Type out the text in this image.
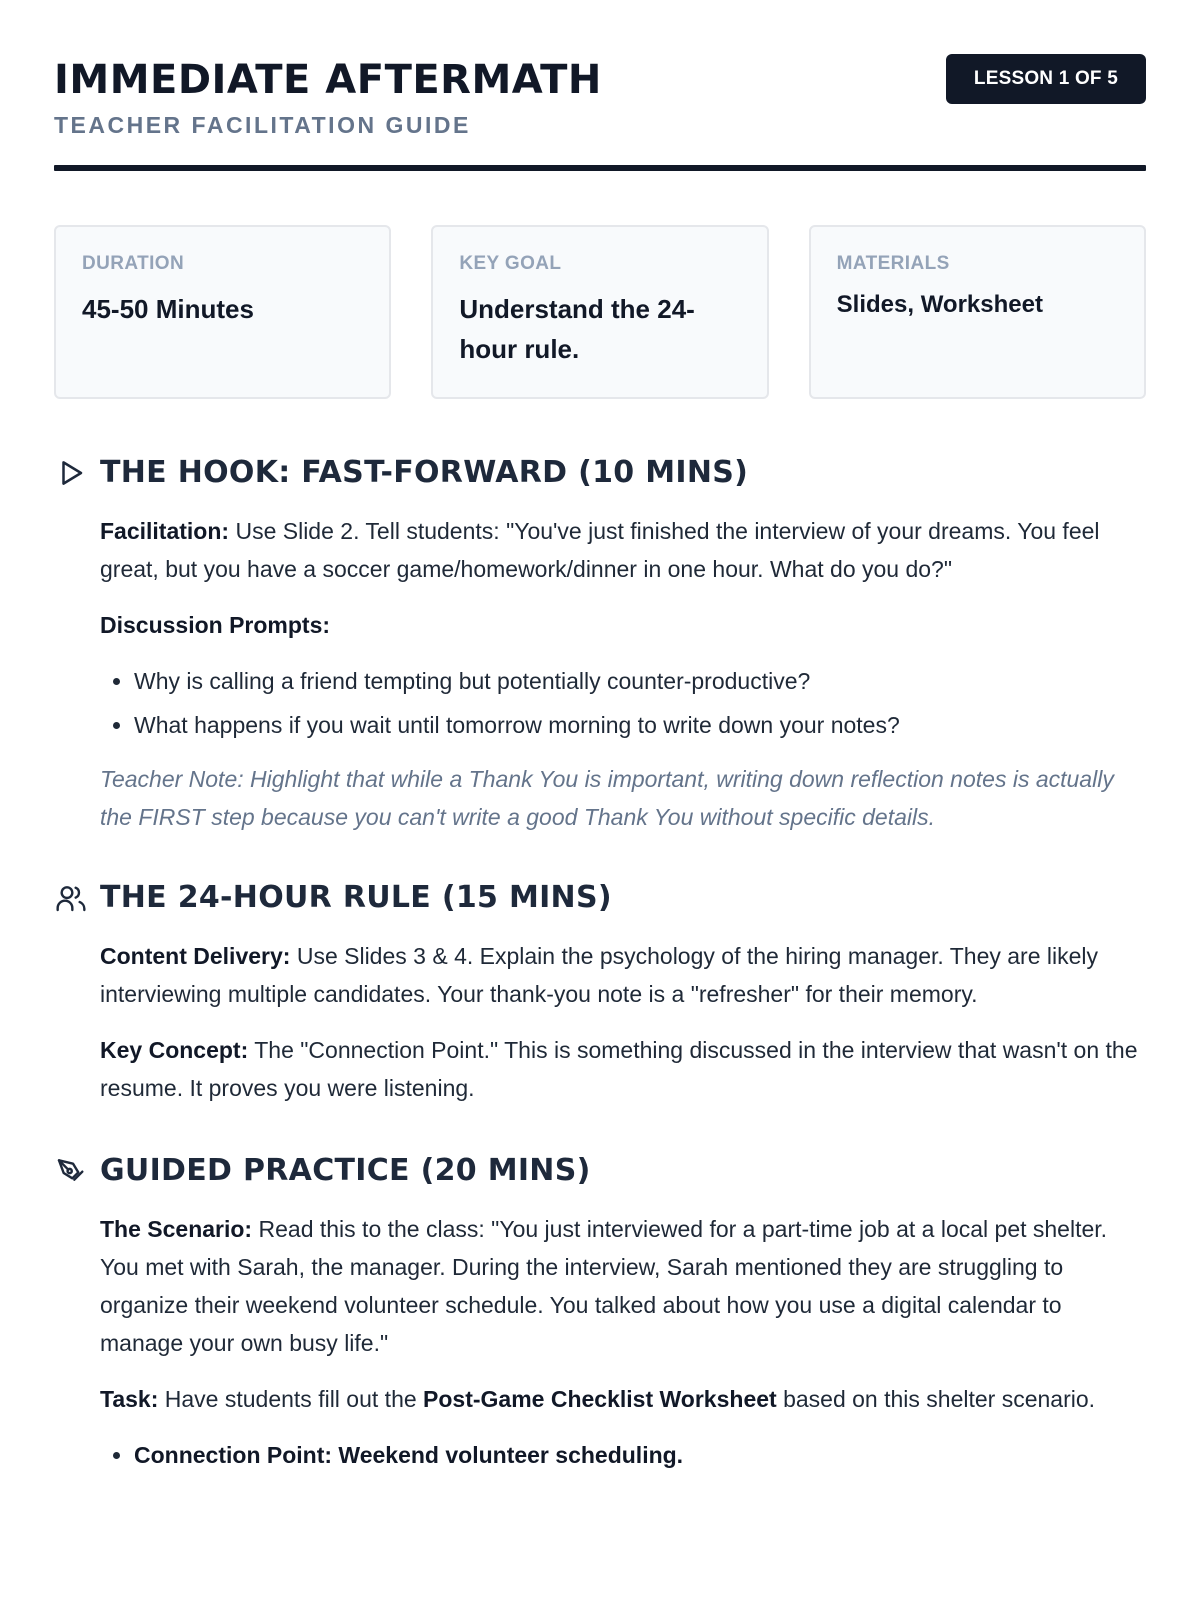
IMMEDIATE AFTERMATH
TEACHER FACILITATION GUIDE
LESSON 1 OF 5
DURATION
45-50 Minutes
KEY GOAL
Understand the 24-hour rule.
MATERIALS
Slides, Worksheet
THE HOOK: FAST-FORWARD (10 MINS)

Facilitation: Use Slide 2. Tell students: "You've just finished the interview of your dreams. You feel great, but you have a soccer game/homework/dinner in one hour. What do you do?"

Discussion Prompts:

• Why is calling a friend tempting but potentially counter-productive?
• What happens if you wait until tomorrow morning to write down your notes?

Teacher Note: Highlight that while a Thank You is important, writing down reflection notes is actually the FIRST step because you can't write a good Thank You without specific details.

THE 24-HOUR RULE (15 MINS)

Content Delivery: Use Slides 3 & 4. Explain the psychology of the hiring manager. They are likely interviewing multiple candidates. Your thank-you note is a "refresher" for their memory.

Key Concept: The "Connection Point." This is something discussed in the interview that wasn't on the resume. It proves you were listening.

GUIDED PRACTICE (20 MINS)

The Scenario: Read this to the class: "You just interviewed for a part-time job at a local pet shelter. You met with Sarah, the manager. During the interview, Sarah mentioned they are struggling to organize their weekend volunteer schedule. You talked about how you use a digital calendar to manage your own busy life."

Task: Have students fill out the Post-Game Checklist Worksheet based on this shelter scenario.

• Connection Point: Weekend volunteer scheduling.
